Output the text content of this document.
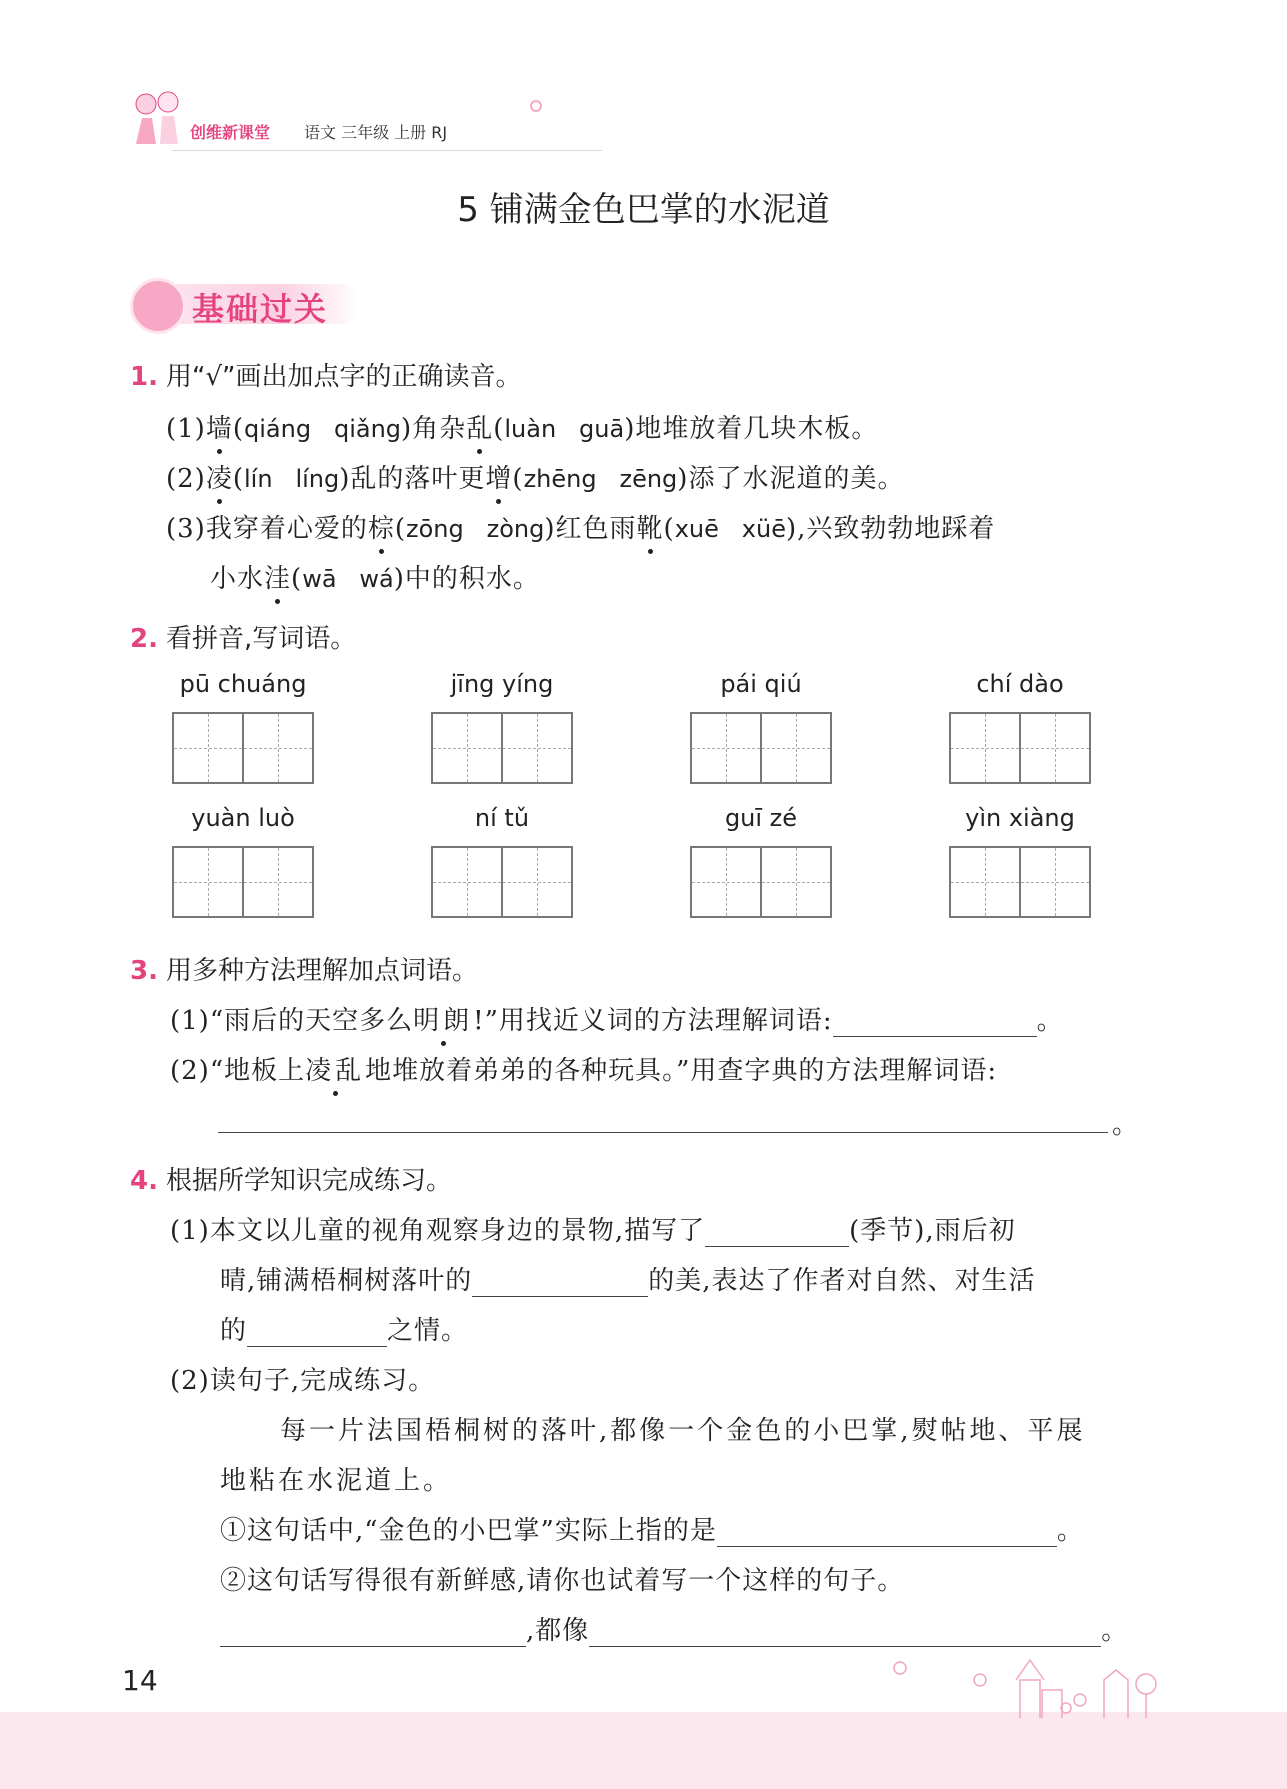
创维新课堂 语文 三年级 上册 RJ
5 铺满金色巴掌的水泥道
基础过关
1. 用“√”画出加点字的正确读音。
(1)墙(qiáng qiǎng)角杂乱(luàn guā)地堆放着几块木板。
(2)凌(lín líng)乱的落叶更增(zhēng zēng)添了水泥道的美。
(3)我穿着心爱的棕(zōng zòng)红色雨靴(xuē xüē),兴致勃勃地踩着
小水洼(wā wá)中的积水。
2. 看拼音,写词语。
pū chuáng	jīng yíng	pái qiú	chí dào
yuàn luò	ní tǔ	guī zé	yìn xiàng
3. 用多种方法理解加点词语。
(1)“雨后的天空多么明朗!”用找近义词的方法理解词语:	。
(2)“地板上凌乱地堆放着弟弟的各种玩具。”用查字典的方法理解词语:
。
4. 根据所学知识完成练习。
(1)本文以儿童的视角观察身边的景物,描写了	(季节),雨后初
晴,铺满梧桐树落叶的	的美,表达了作者对自然、对生活
的	之情。
(2)读句子,完成练习。
每一片法国梧桐树的落叶,都像一个金色的小巴掌,熨帖地、平展
地粘在水泥道上。
①这句话中,“金色的小巴掌”实际上指的是	。
②这句话写得很有新鲜感,请你也试着写一个这样的句子。
,都像	。
14
